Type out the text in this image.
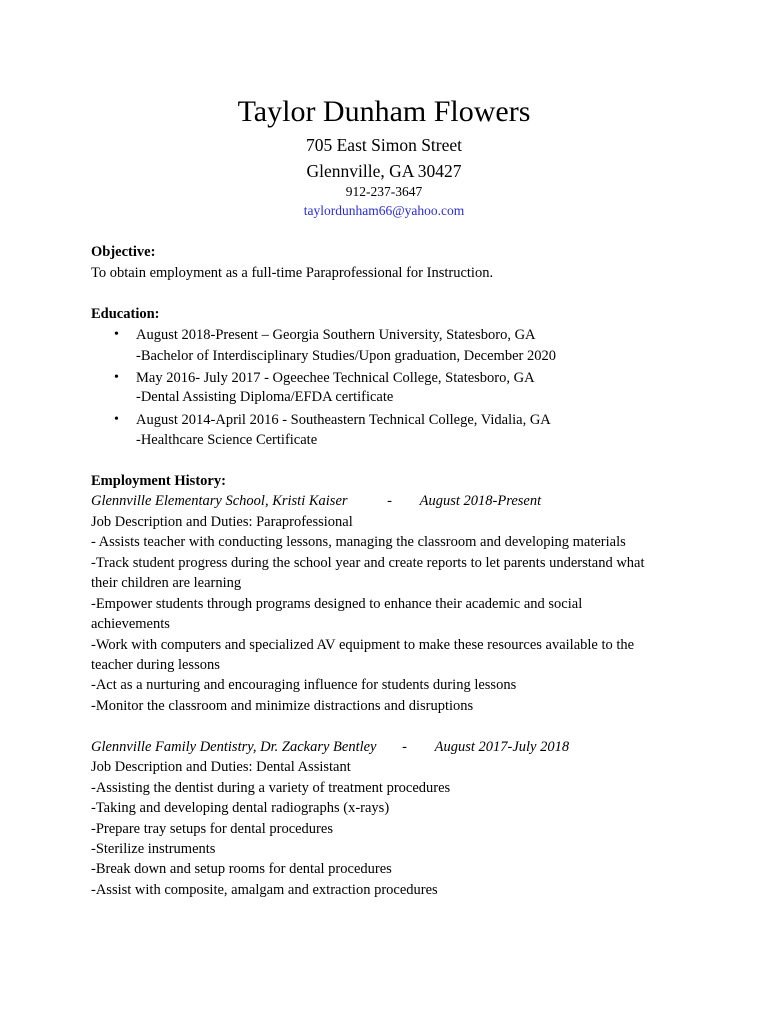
Taylor Dunham Flowers
705 East Simon Street
Glennville, GA 30427
912-237-3647
taylordunham66@yahoo.com
Objective:
To obtain employment as a full-time Paraprofessional for Instruction.
Education:
• August 2018-Present – Georgia Southern University, Statesboro, GA
-Bachelor of Interdisciplinary Studies/Upon graduation, December 2020
• May 2016- July 2017 - Ogeechee Technical College, Statesboro, GA
-Dental Assisting Diploma/EFDA certificate
• August 2014-April 2016 - Southeastern Technical College, Vidalia, GA
-Healthcare Science Certificate
Employment History:
Glennville Elementary School, Kristi Kaiser	- August 2018-Present
Job Description and Duties: Paraprofessional
- Assists teacher with conducting lessons, managing the classroom and developing materials
-Track student progress during the school year and create reports to let parents understand what
their children are learning
-Empower students through programs designed to enhance their academic and social
achievements
-Work with computers and specialized AV equipment to make these resources available to the
teacher during lessons
-Act as a nurturing and encouraging influence for students during lessons
-Monitor the classroom and minimize distractions and disruptions
Glennville Family Dentistry, Dr. Zackary Bentley - August 2017-July 2018
Job Description and Duties: Dental Assistant
-Assisting the dentist during a variety of treatment procedures
-Taking and developing dental radiographs (x-rays)
-Prepare tray setups for dental procedures
-Sterilize instruments
-Break down and setup rooms for dental procedures
-Assist with composite, amalgam and extraction procedures
